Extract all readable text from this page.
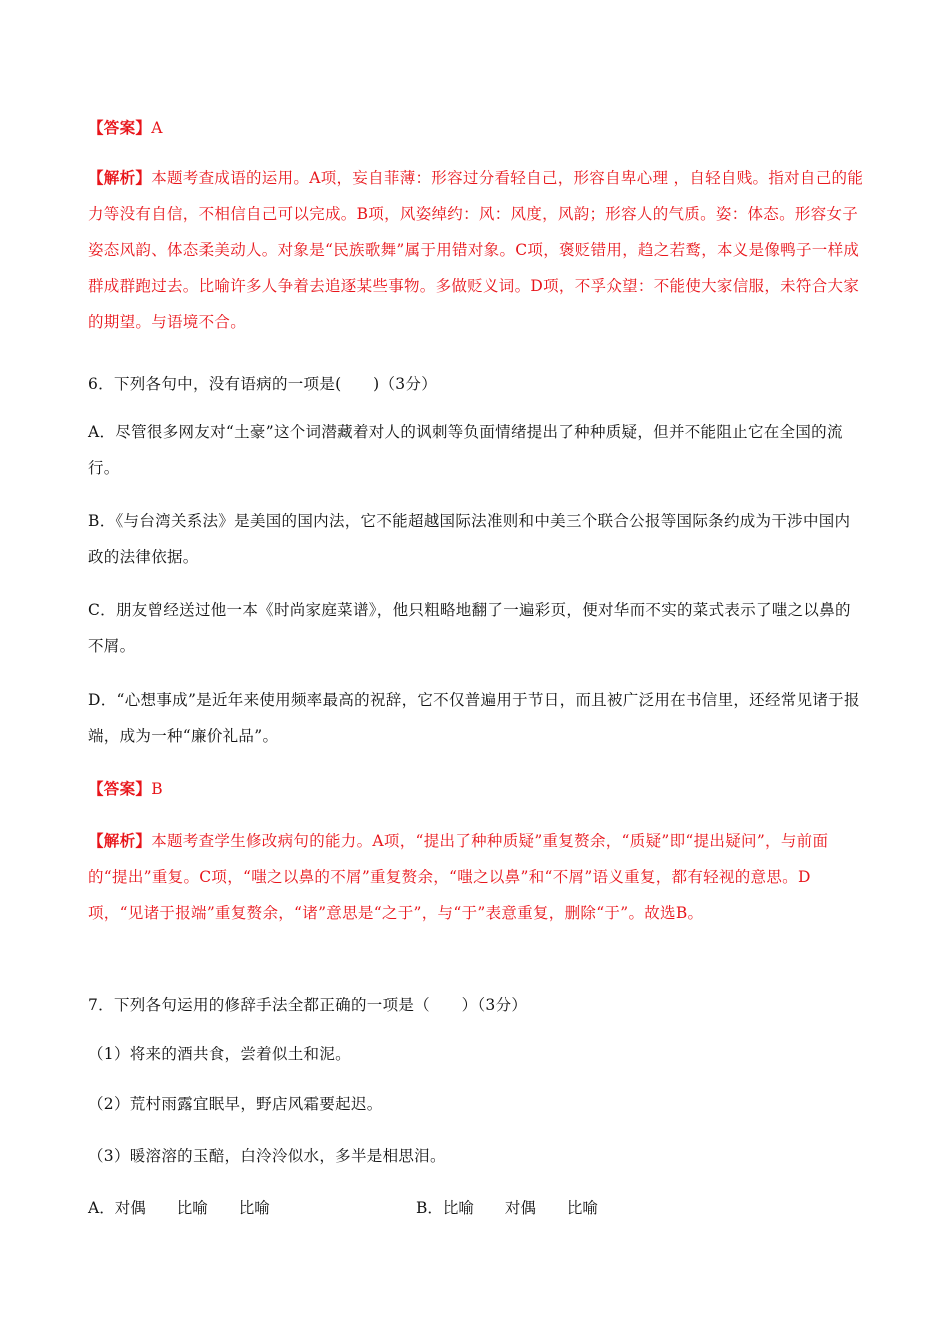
【答案】A

【解析】本题考查成语的运用。A项，妄自菲薄：形容过分看轻自己，形容自卑心理 ，自轻自贱。指对自己的能力等没有自信，不相信自己可以完成。B项，风姿绰约：风：风度，风韵；形容人的气质。姿：体态。形容女子姿态风韵、体态柔美动人。对象是“民族歌舞”属于用错对象。C项，褒贬错用，趋之若鹜，本义是像鸭子一样成群成群跑过去。比喻许多人争着去追逐某些事物。多做贬义词。D项，不孚众望：不能使大家信服，未符合大家的期望。与语境不合。

6．下列各句中，没有语病的一项是(　　)（3分）

A．尽管很多网友对“土豪”这个词潜藏着对人的讽刺等负面情绪提出了种种质疑，但并不能阻止它在全国的流行。

B．《与台湾关系法》是美国的国内法，它不能超越国际法准则和中美三个联合公报等国际条约成为干涉中国内政的法律依据。

C．朋友曾经送过他一本《时尚家庭菜谱》，他只粗略地翻了一遍彩页，便对华而不实的菜式表示了嗤之以鼻的不屑。

D．“心想事成”是近年来使用频率最高的祝辞，它不仅普遍用于节日，而且被广泛用在书信里，还经常见诸于报端，成为一种“廉价礼品”。

【答案】B

【解析】本题考查学生修改病句的能力。A项，“提出了种种质疑”重复赘余，“质疑”即“提出疑问”，与前面的“提出”重复。C项，“嗤之以鼻的不屑”重复赘余，“嗤之以鼻”和“不屑”语义重复，都有轻视的意思。D项，“见诸于报端”重复赘余，“诸”意思是“之于”，与“于”表意重复，删除“于”。故选B。

7．下列各句运用的修辞手法全都正确的一项是（　　）（3分）

（1）将来的酒共食，尝着似土和泥。

（2）荒村雨露宜眠早，野店风霜要起迟。

（3）暖溶溶的玉醅，白泠泠似水，多半是相思泪。

A．对偶　　比喻　　比喻	B．比喻　　对偶　　比喻
